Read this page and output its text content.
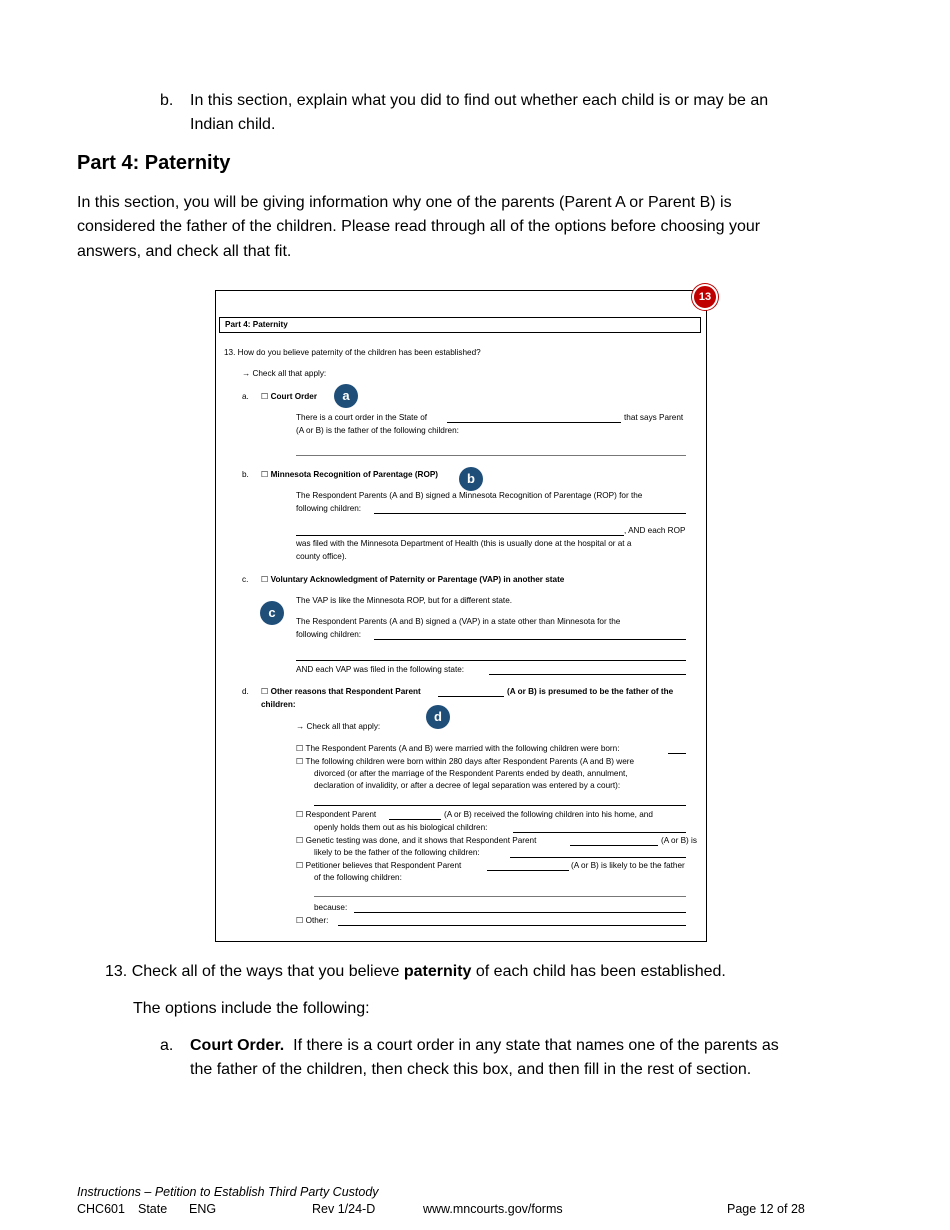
b. In this section, explain what you did to find out whether each child is or may be an
Indian child.
Part 4: Paternity
In this section, you will be giving information why one of the parents (Parent A or Parent B) is
considered the father of the children. Please read through all of the options before choosing your
answers, and check all that fit.
Part 4: Paternity
13. How do you believe paternity of the children has been established?
→ Check all that apply:
a. ☐ Court Order
There is a court order in the State of	that says Parent
(A or B) is the father of the following children:
b. ☐ Minnesota Recognition of Parentage (ROP)
The Respondent Parents (A and B) signed a Minnesota Recognition of Parentage (ROP) for the
following children:
, AND each ROP
was filed with the Minnesota Department of Health (this is usually done at the hospital or at a
county office).
c. ☐ Voluntary Acknowledgment of Paternity or Parentage (VAP) in another state
The VAP is like the Minnesota ROP, but for a different state.
The Respondent Parents (A and B) signed a (VAP) in a state other than Minnesota for the
following children:
AND each VAP was filed in the following state:
d. ☐ Other reasons that Respondent Parent	(A or B) is presumed to be the father of the
children:
→ Check all that apply:
☐ The Respondent Parents (A and B) were married with the following children were born:
☐ The following children were born within 280 days after Respondent Parents (A and B) were
divorced (or after the marriage of the Respondent Parents ended by death, annulment,
declaration of invalidity, or after a decree of legal separation was entered by a court):
☐ Respondent Parent	(A or B) received the following children into his home, and
openly holds them out as his biological children:
☐ Genetic testing was done, and it shows that Respondent Parent	(A or B) is
likely to be the father of the following children:
☐ Petitioner believes that Respondent Parent	(A or B) is likely to be the father
of the following children:
because:
☐ Other:
13
a
b
c
d
13. Check all of the ways that you believe paternity of each child has been established.
The options include the following:
a. Court Order. If there is a court order in any state that names one of the parents as
the father of the children, then check this box, and then fill in the rest of section.
Instructions – Petition to Establish Third Party Custody
CHC601 State ENG	Rev 1/24-D	www.mncourts.gov/forms	Page 12 of 28
